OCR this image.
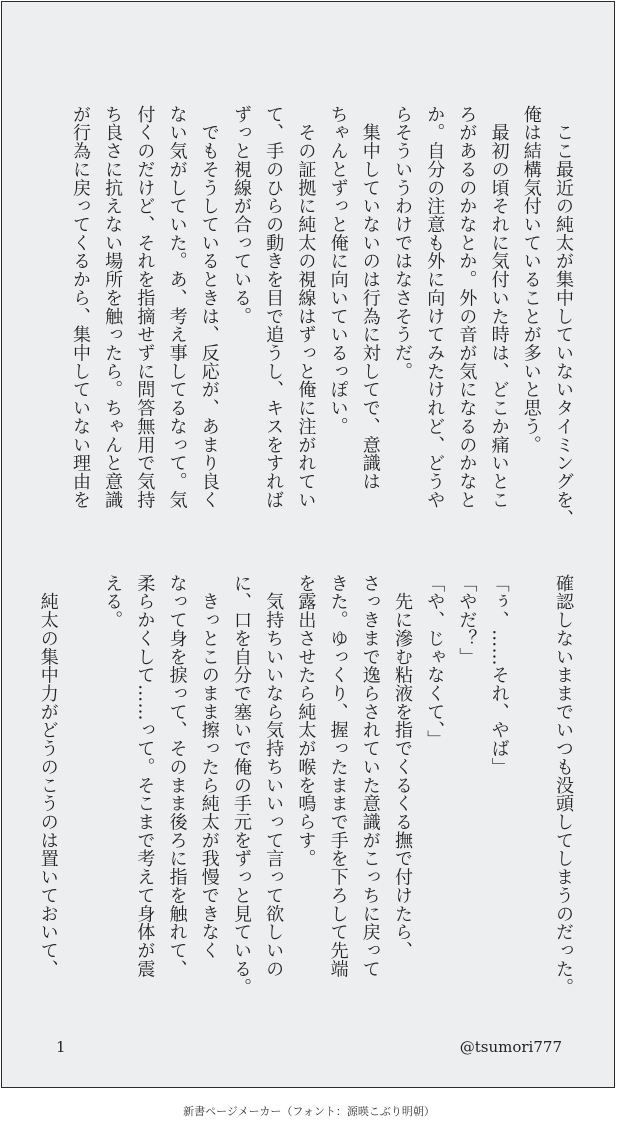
　ここ最近の純太が集中していないタイミングを、
俺は結構気付いていることが多いと思う。
　最初の頃それに気付いた時は、どこか痛いとこ
ろがあるのかなとか。外の音が気になるのかなと
か。自分の注意も外に向けてみたけれど、どうや
らそういうわけではなさそうだ。
　集中していないのは行為に対してで、意識は
ちゃんとずっと俺に向いているっぽい。
　その証拠に純太の視線はずっと俺に注がれてい
て、手のひらの動きを目で追うし、キスをすれば
ずっと視線が合っている。
　でもそうしているときは、反応が、あまり良く
ない気がしていた。あ、考え事してるなって。気
付くのだけど、それを指摘せずに問答無用で気持
ち良さに抗えない場所を触ったら。ちゃんと意識
が行為に戻ってくるから、集中していない理由を

確認しないままでいつも没頭してしまうのだった。

「ぅ、……それ、やば」
「やだ？」
「や、じゃなくて、」
　先に滲む粘液を指でくるくる撫で付けたら、
さっきまで逸らされていた意識がこっちに戻って
きた。ゆっくり、握ったままで手を下ろして先端
を露出させたら純太が喉を鳴らす。
　気持ちいいなら気持ちいいって言って欲しいの
に、口を自分で塞いで俺の手元をずっと見ている。
　きっとこのまま擦ったら純太が我慢できなく
なって身を捩って、そのまま後ろに指を触れて、
柔らかくして……って。そこまで考えて身体が震
える。

　純太の集中力がどうのこうのは置いておいて、

1	@tsumori777
新書ページメーカー（フォント：源暎こぶり明朝）
